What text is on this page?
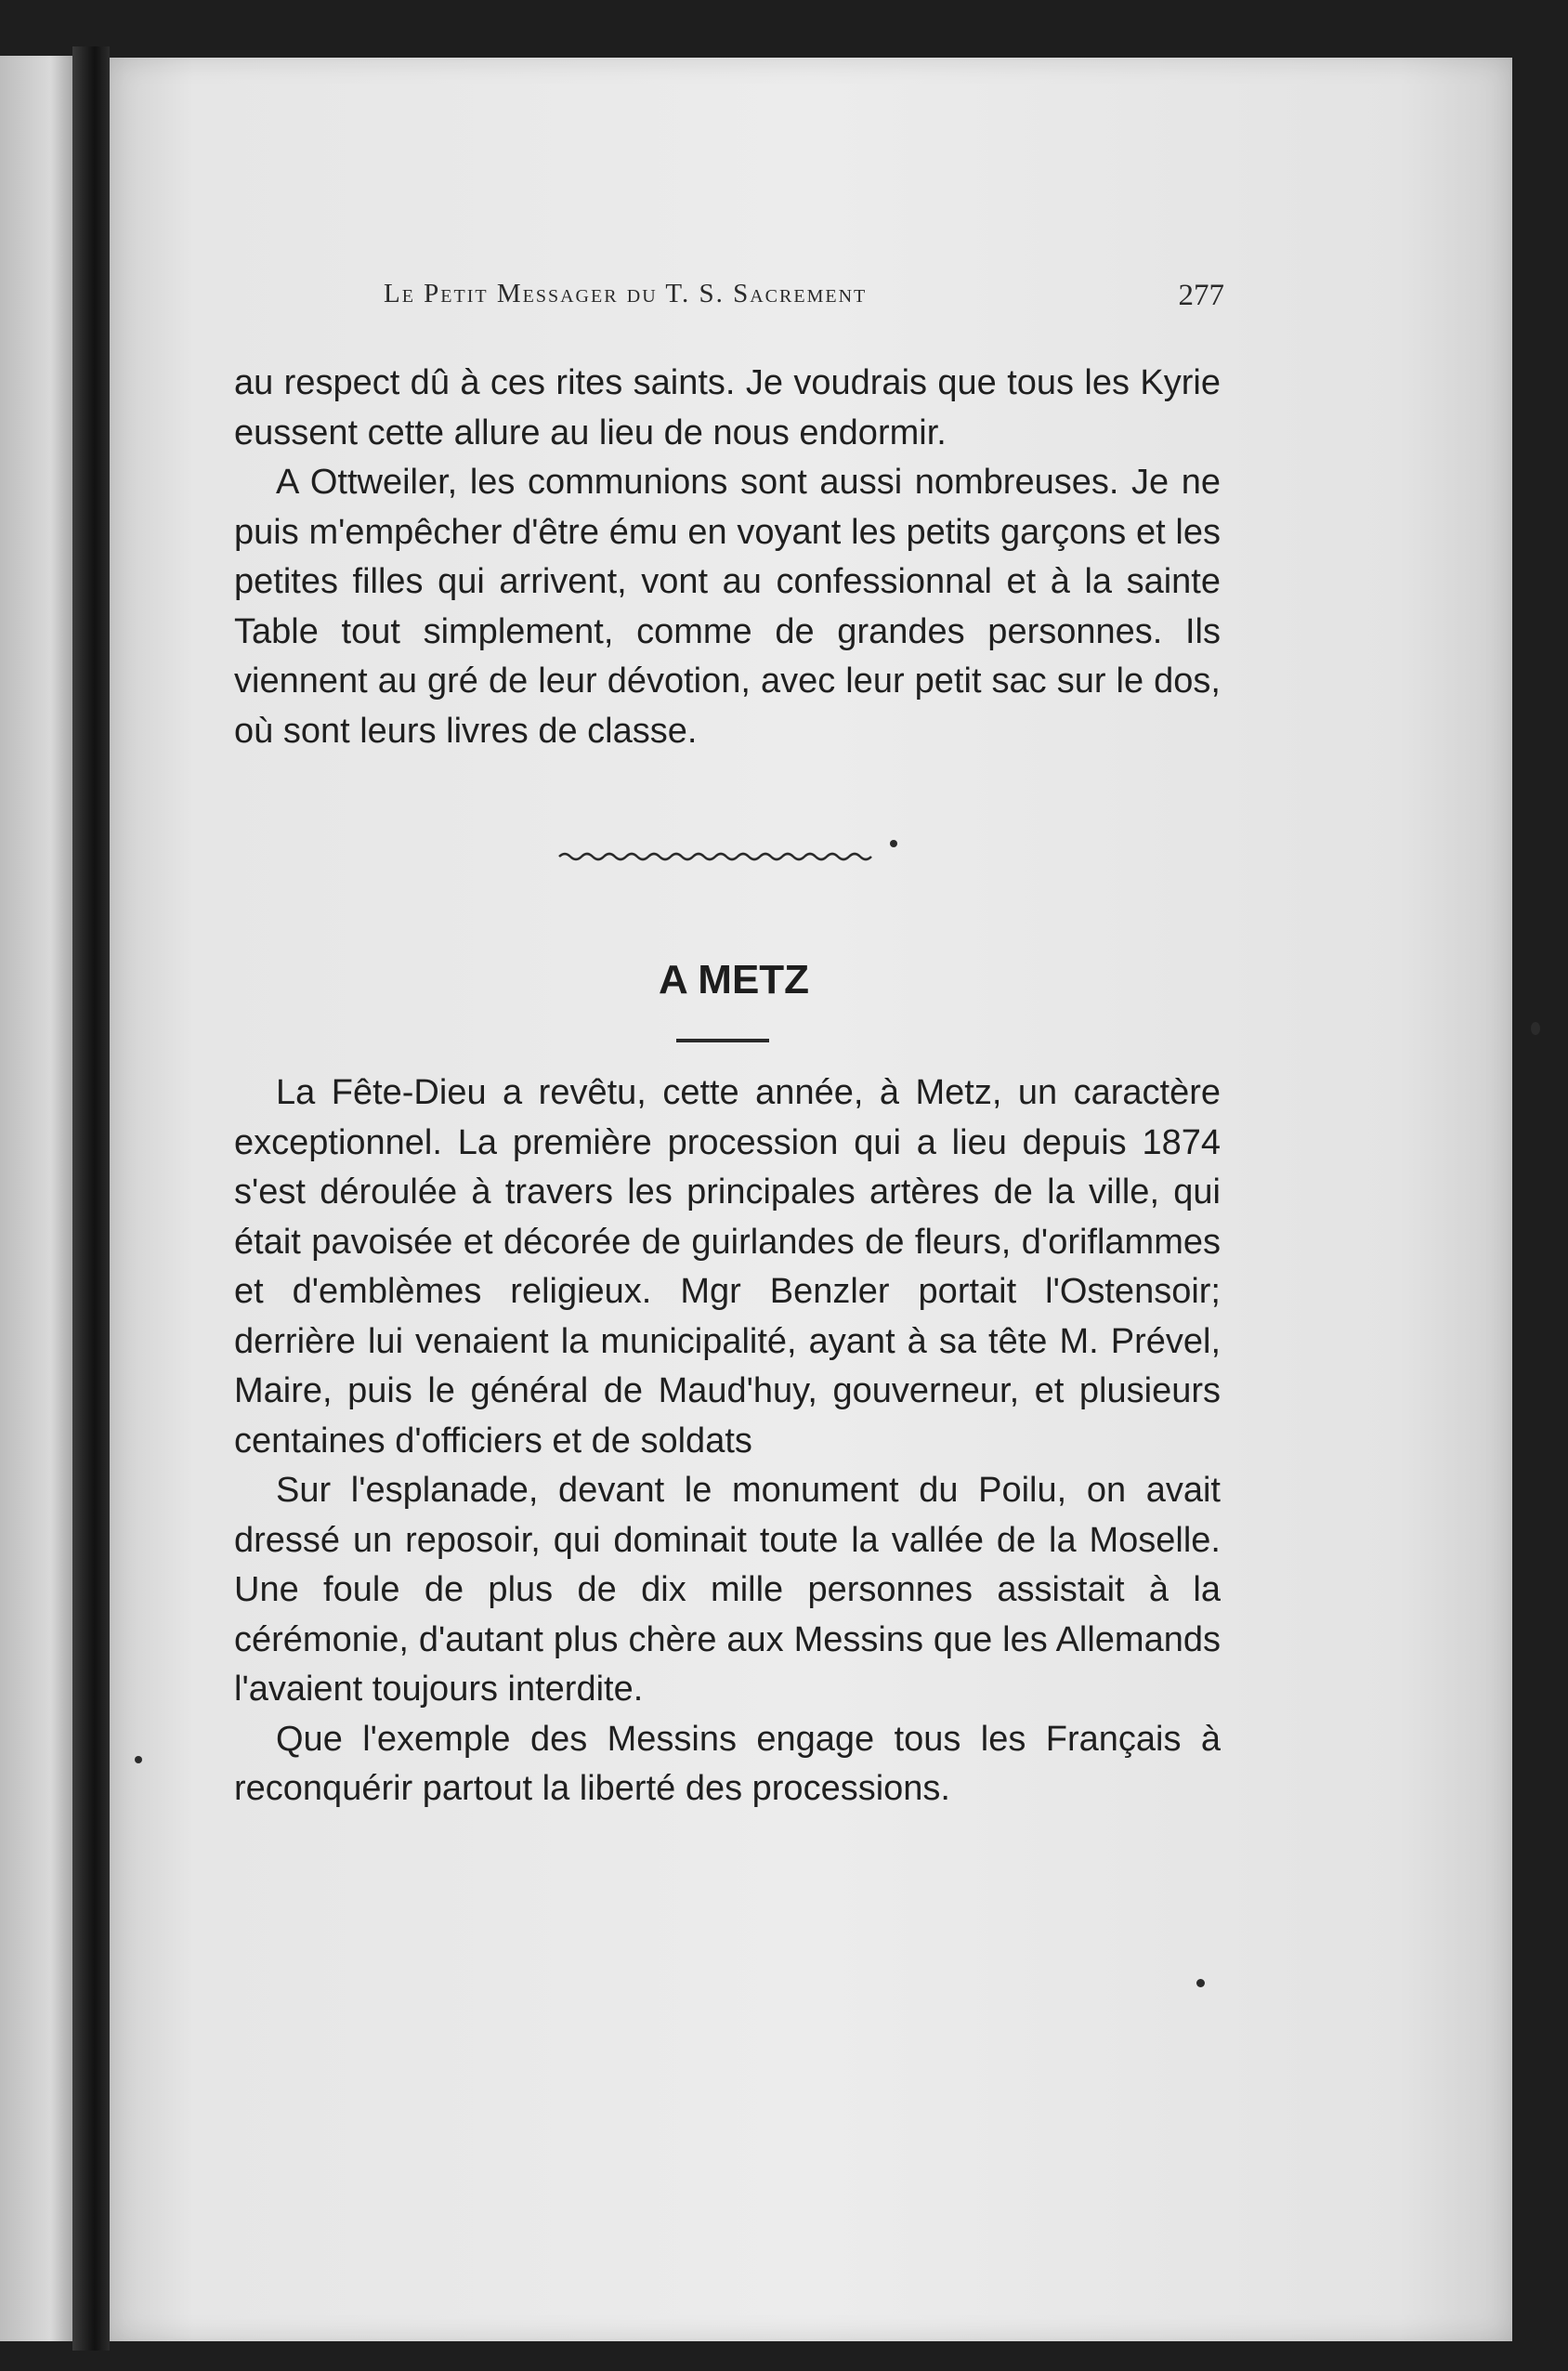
Le Petit Messager du T. S. Sacrement	277

au respect dû à ces rites saints. Je voudrais que tous les Kyrie eussent cette allure au lieu de nous endormir.

A Ottweiler, les communions sont aussi nombreuses. Je ne puis m'empêcher d'être ému en voyant les petits garçons et les petites filles qui arrivent, vont au confessionnal et à la sainte Table tout simplement, comme de grandes personnes. Ils viennent au gré de leur dévotion, avec leur petit sac sur le dos, où sont leurs livres de classe.

A METZ

La Fête-Dieu a revêtu, cette année, à Metz, un caractère exceptionnel. La première procession qui a lieu depuis 1874 s'est déroulée à travers les principales artères de la ville, qui était pavoisée et décorée de guirlandes de fleurs, d'oriflammes et d'emblèmes religieux. Mgr Benzler portait l'Ostensoir; derrière lui venaient la municipalité, ayant à sa tête M. Prével, Maire, puis le général de Maud'huy, gouverneur, et plusieurs centaines d'officiers et de soldats

Sur l'esplanade, devant le monument du Poilu, on avait dressé un reposoir, qui dominait toute la vallée de la Moselle. Une foule de plus de dix mille personnes assistait à la cérémonie, d'autant plus chère aux Messins que les Allemands l'avaient toujours interdite.

Que l'exemple des Messins engage tous les Français à reconquérir partout la liberté des processions.
